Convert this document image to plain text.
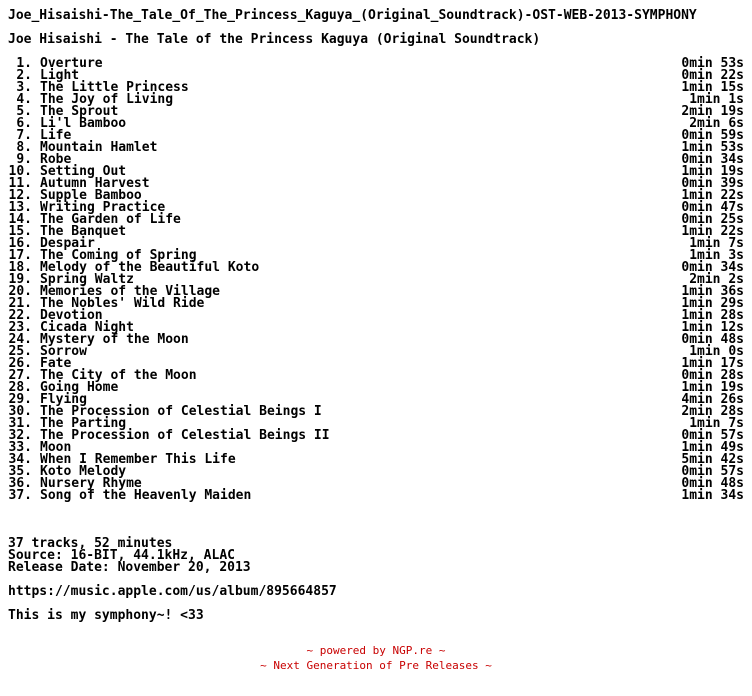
Joe_Hisaishi-The_Tale_Of_The_Princess_Kaguya_(Original_Soundtrack)-OST-WEB-2013-SYMPHONY
Joe Hisaishi - The Tale of the Princess Kaguya (Original Soundtrack)
1. Overture	0min 53s
2. Light	0min 22s
3. The Little Princess	1min 15s
4. The Joy of Living	1min 1s
5. The Sprout	2min 19s
6. Li'l Bamboo	2min 6s
7. Life	0min 59s
8. Mountain Hamlet	1min 53s
9. Robe	0min 34s
10. Setting Out	1min 19s
11. Autumn Harvest	0min 39s
12. Supple Bamboo	1min 22s
13. Writing Practice	0min 47s
14. The Garden of Life	0min 25s
15. The Banquet	1min 22s
16. Despair	1min 7s
17. The Coming of Spring	1min 3s
18. Melody of the Beautiful Koto	0min 34s
19. Spring Waltz	2min 2s
20. Memories of the Village	1min 36s
21. The Nobles' Wild Ride	1min 29s
22. Devotion	1min 28s
23. Cicada Night	1min 12s
24. Mystery of the Moon	0min 48s
25. Sorrow	1min 0s
26. Fate	1min 17s
27. The City of the Moon	0min 28s
28. Going Home	1min 19s
29. Flying	4min 26s
30. The Procession of Celestial Beings I	2min 28s
31. The Parting	1min 7s
32. The Procession of Celestial Beings II	0min 57s
33. Moon	1min 49s
34. When I Remember This Life	5min 42s
35. Koto Melody	0min 57s
36. Nursery Rhyme	0min 48s
37. Song of the Heavenly Maiden	1min 34s
37 tracks, 52 minutes
Source: 16-BIT, 44.1kHz, ALAC
Release Date: November 20, 2013
https://music.apple.com/us/album/895664857
This is my symphony~! <33
~ powered by NGP.re ~
~ Next Generation of Pre Releases ~
